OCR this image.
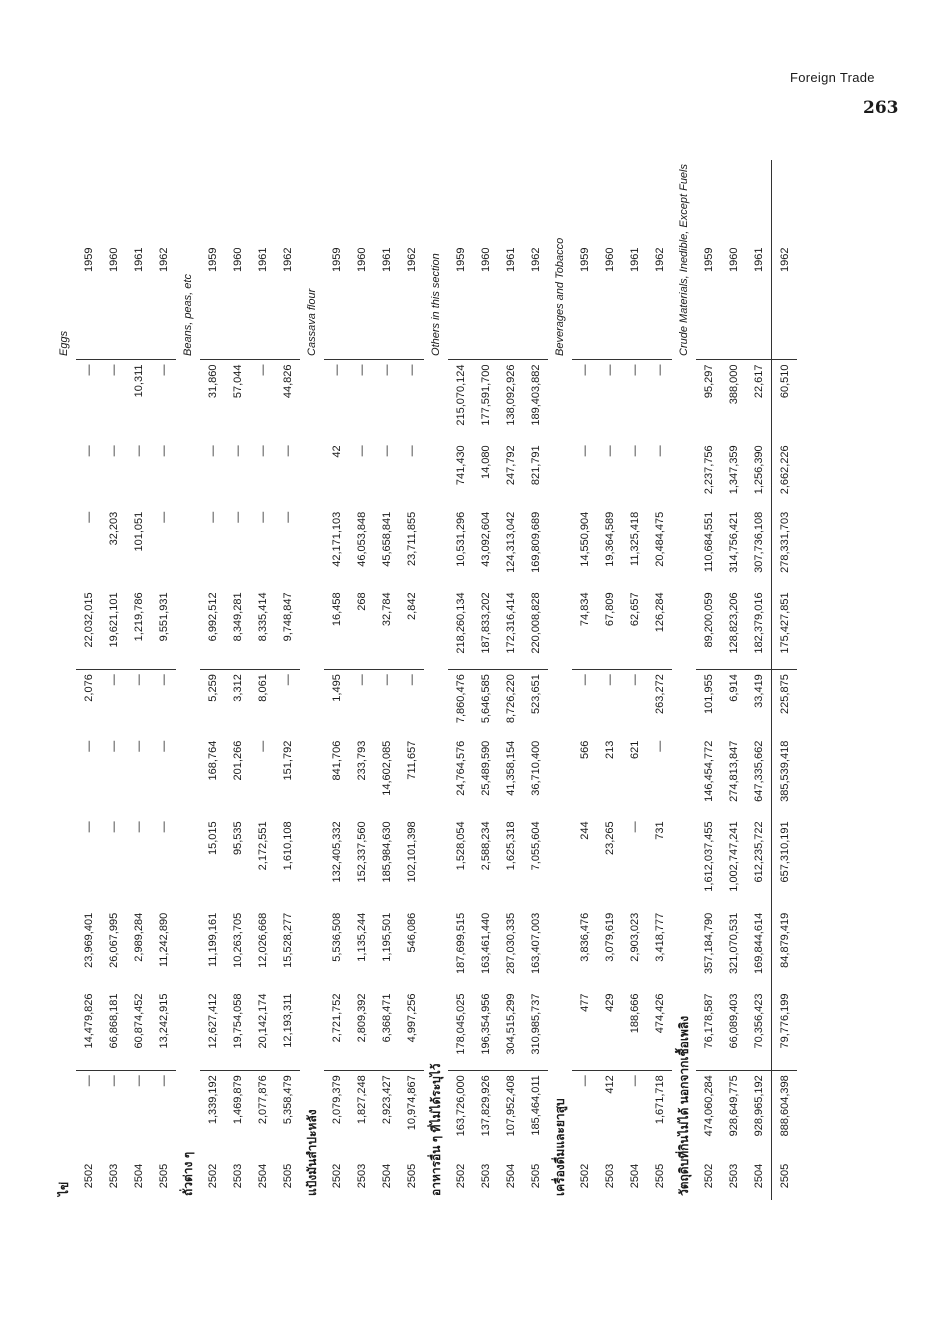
Foreign Trade
263
ไข่											Eggs
2502	—	14,479,826	23,969,401	—	—	2,076	22,032,015	—	—	—	1959
2503	—	66,868,181	26,067,995	—	—	—	19,621,101	32,203	—	—	1960
2504	—	60,874,452	2,989,284	—	—	—	1,219,786	101,051	—	10,311	1961
2505	—	13,242,915	11,242,890	—	—	—	9,551,931	—	—	—	1962
ถั่วต่าง ๆ											Beans, peas, etc
2502	1,339,192	12,627,412	11,199,161	15,015	168,764	5,259	6,992,512	—	—	31,860	1959
2503	1,469,879	19,754,058	10,263,705	95,535	201,266	3,312	8,349,281	—	—	57,044	1960
2504	2,077,876	20,142,174	12,026,668	2,172,551	—	8,061	8,335,414	—	—	—	1961
2505	5,358,479	12,193,311	15,528,277	1,610,108	151,792	—	9,748,847	—	—	44,826	1962
แป้งมันสำปะหลัง											Cassava flour
2502	2,079,379	2,721,752	5,536,508	132,405,332	841,706	1,495	16,458	42,171,103	42	—	1959
2503	1,827,248	2,809,392	1,135,244	152,337,560	233,793	—	268	46,053,848	—	—	1960
2504	2,923,427	6,368,471	1,195,501	185,984,630	14,602,085	—	32,784	45,658,841	—	—	1961
2505	10,974,867	4,997,256	546,086	102,101,398	711,657	—	2,842	23,711,855	—	—	1962
อาหารอื่น ๆ ที่ไม่ได้ระบุไว้											Others in this section
2502	163,726,000	178,045,025	187,699,515	1,528,054	24,764,576	7,860,476	218,260,134	10,531,296	741,430	215,070,124	1959
2503	137,829,926	196,354,956	163,461,440	2,588,234	25,489,590	5,646,585	187,833,202	43,092,604	14,080	177,591,700	1960
2504	107,952,408	304,515,299	287,030,335	1,625,318	41,358,154	8,726,220	172,316,414	124,313,042	247,792	138,092,926	1961
2505	185,464,011	310,985,737	163,407,003	7,055,604	36,710,400	523,651	220,008,828	169,809,689	821,791	189,403,882	1962
เครื่องดื่มและยาสูบ											Beverages and Tobacco
2502	—	477	3,836,476	244	566	—	74,834	14,550,904	—	—	1959
2503	412	429	3,079,619	23,265	213	—	67,809	19,364,589	—	—	1960
2504	—	188,666	2,903,023	—	621	—	62,657	11,325,418	—	—	1961
2505	1,671,718	474,426	3,418,777	731	—	263,272	126,284	20,484,475	—	—	1962
วัตถุดิบที่กินไม่ได้ นอกจากเชื้อเพลิง											Crude Materials, Inedible, Except Fuels
2502	474,060,284	76,178,587	357,184,790	1,612,037,455	146,454,772	101,955	89,200,059	110,684,551	2,237,756	95,297	1959
2503	928,649,775	66,089,403	321,070,531	1,002,747,241	274,813,847	6,914	128,823,206	314,756,421	1,347,359	388,000	1960
2504	928,965,192	70,356,423	169,844,614	612,235,722	647,335,662	33,419	182,379,016	307,736,108	1,256,390	22,617	1961
2505	888,604,398	79,776,199	84,879,419	657,310,191	385,539,418	225,875	175,427,851	278,331,703	2,662,226	60,510	1962
